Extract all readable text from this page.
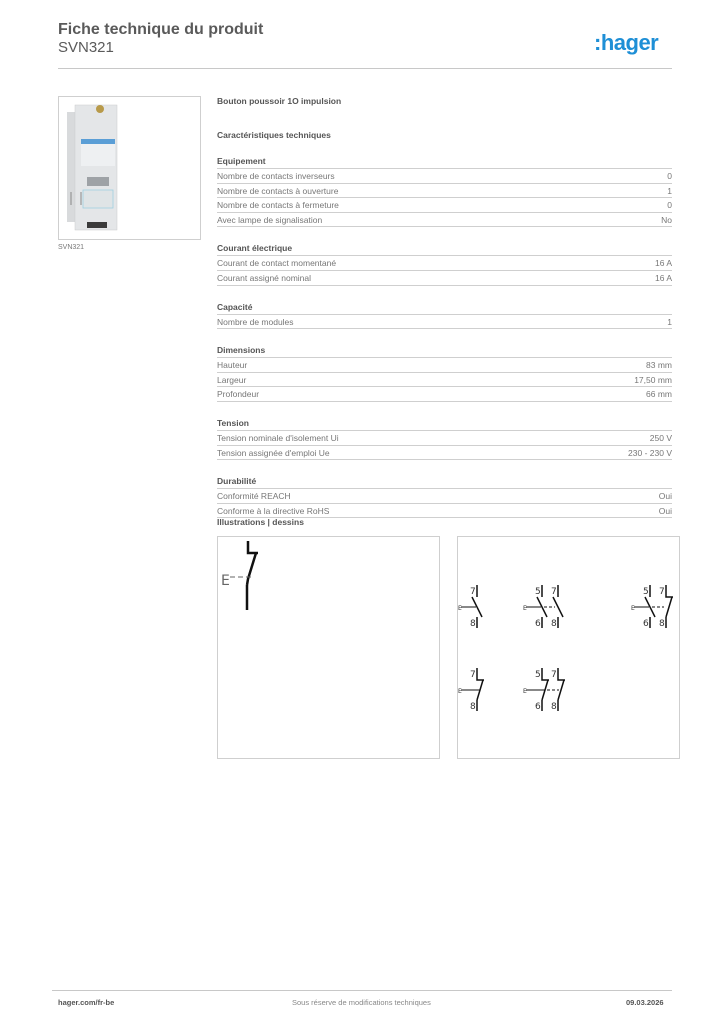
Fiche technique du produit
SVN321	:hager
SVN321
Bouton poussoir 1O impulsion
Caractéristiques techniques
Equipement
Nombre de contacts inverseurs	0
Nombre de contacts à ouverture	1
Nombre de contacts à fermeture	0
Avec lampe de signalisation	No
Courant électrique
Courant de contact momentané	16 A
Courant assigné nominal	16 A
Capacité
Nombre de modules	1
Dimensions
Hauteur	83 mm
Largeur	17,50 mm
Profondeur	66 mm
Tension
Tension nominale d'isolement Ui	250 V
Tension assignée d'emploi Ue	230 - 230 V
Durabilité
Conformité REACH	Oui
Conforme à la directive RoHS	Oui
Illustrations | dessins
E
7
E
8
5
E
6
7
8
5
E
6
7
8
7
E
8
5
E
6
7
8
hager.com/fr-be	Sous réserve de modifications techniques	09.03.2026
